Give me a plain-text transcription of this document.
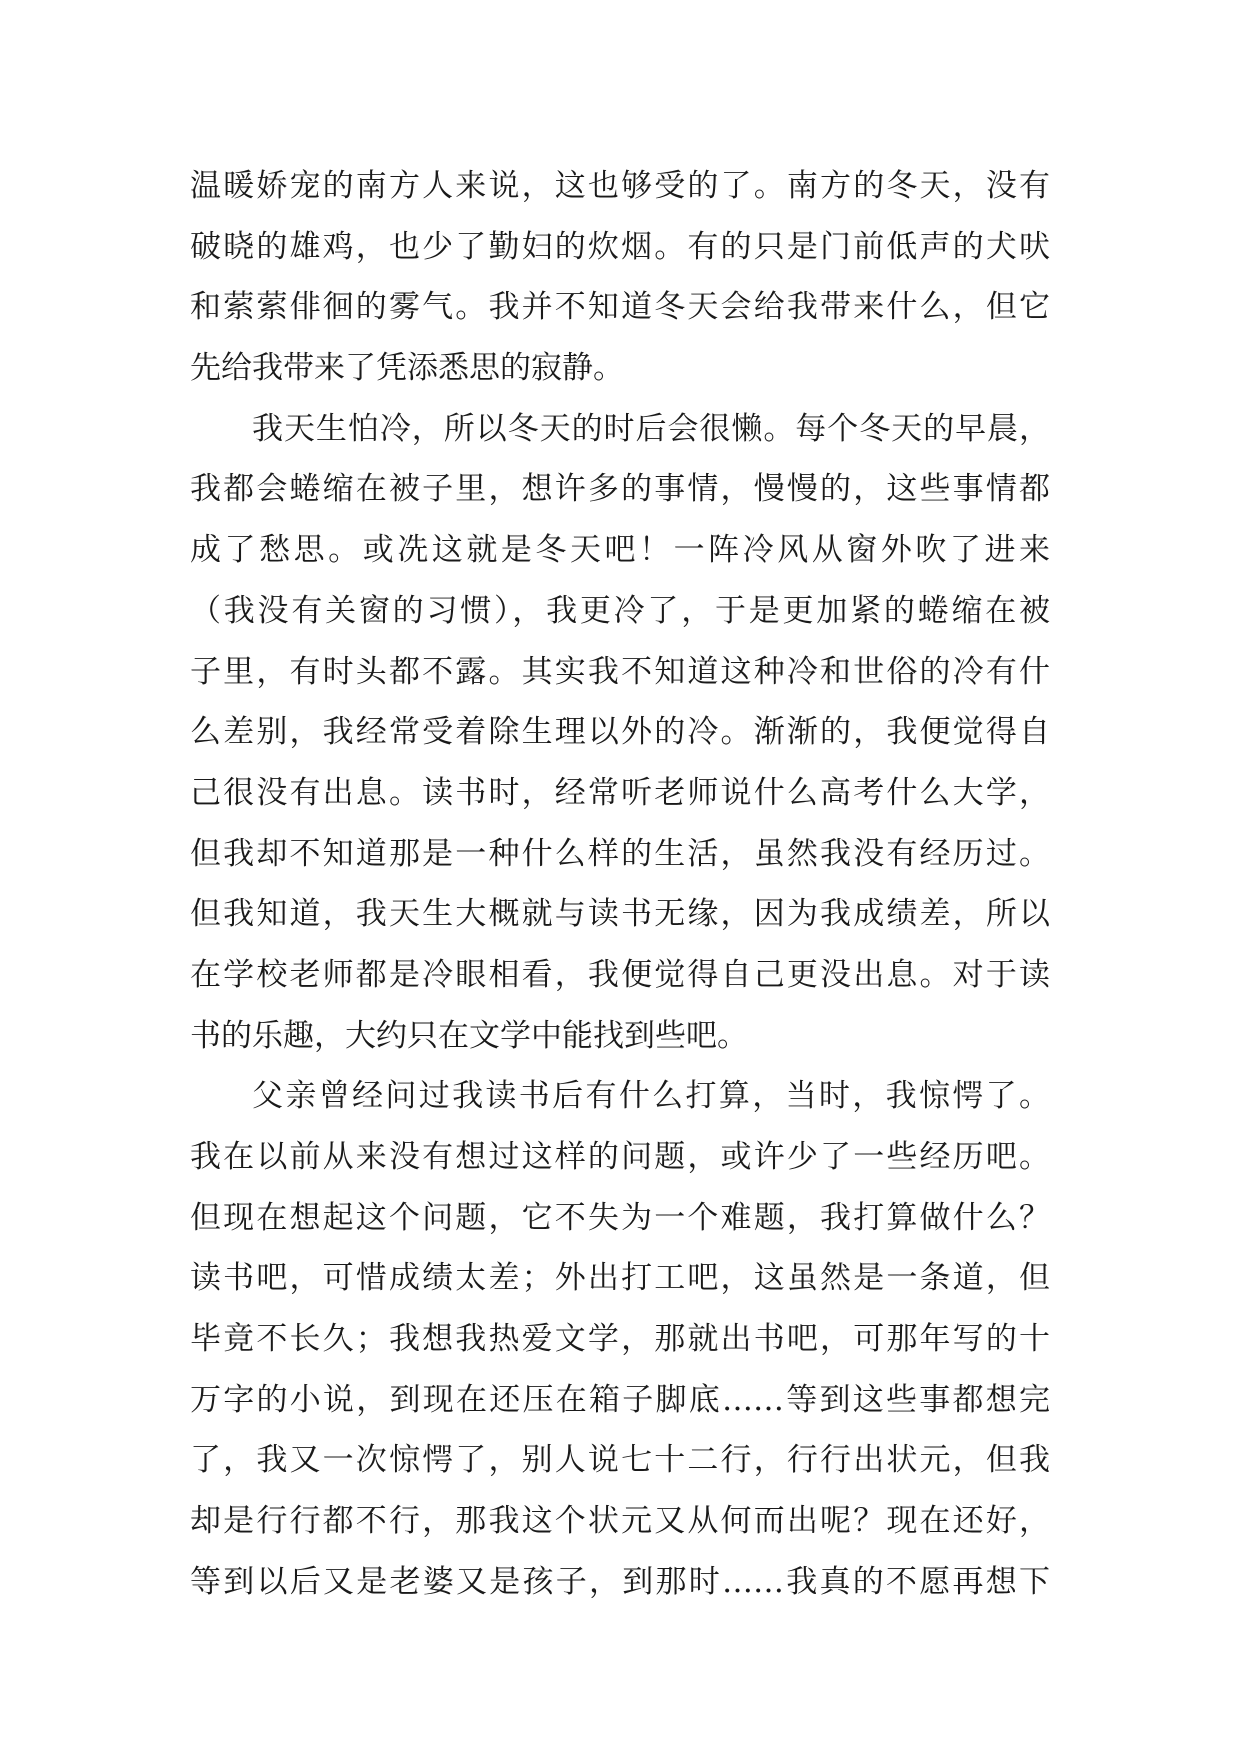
温暖娇宠的南方人来说，这也够受的了。南方的冬天，没有
破晓的雄鸡，也少了勤妇的炊烟。有的只是门前低声的犬吠
和萦萦俳徊的雾气。我并不知道冬天会给我带来什么，但它
先给我带来了凭添悉思的寂静。
我天生怕冷，所以冬天的时后会很懒。每个冬天的早晨，
我都会蜷缩在被子里，想许多的事情，慢慢的，这些事情都
成了愁思。或冼这就是冬天吧！一阵冷风从窗外吹了进来
（我没有关窗的习惯），我更冷了，于是更加紧的蜷缩在被
子里，有时头都不露。其实我不知道这种冷和世俗的冷有什
么差别，我经常受着除生理以外的冷。渐渐的，我便觉得自
己很没有出息。读书时，经常听老师说什么高考什么大学，
但我却不知道那是一种什么样的生活，虽然我没有经历过。
但我知道，我天生大概就与读书无缘，因为我成绩差，所以
在学校老师都是冷眼相看，我便觉得自己更没出息。对于读
书的乐趣，大约只在文学中能找到些吧。
父亲曾经问过我读书后有什么打算，当时，我惊愕了。
我在以前从来没有想过这样的问题，或许少了一些经历吧。
但现在想起这个问题，它不失为一个难题，我打算做什么？
读书吧，可惜成绩太差；外出打工吧，这虽然是一条道，但
毕竟不长久；我想我热爱文学，那就出书吧，可那年写的十
万字的小说，到现在还压在箱子脚底……等到这些事都想完
了，我又一次惊愕了，别人说七十二行，行行出状元，但我
却是行行都不行，那我这个状元又从何而出呢？现在还好，
等到以后又是老婆又是孩子，到那时……我真的不愿再想下
